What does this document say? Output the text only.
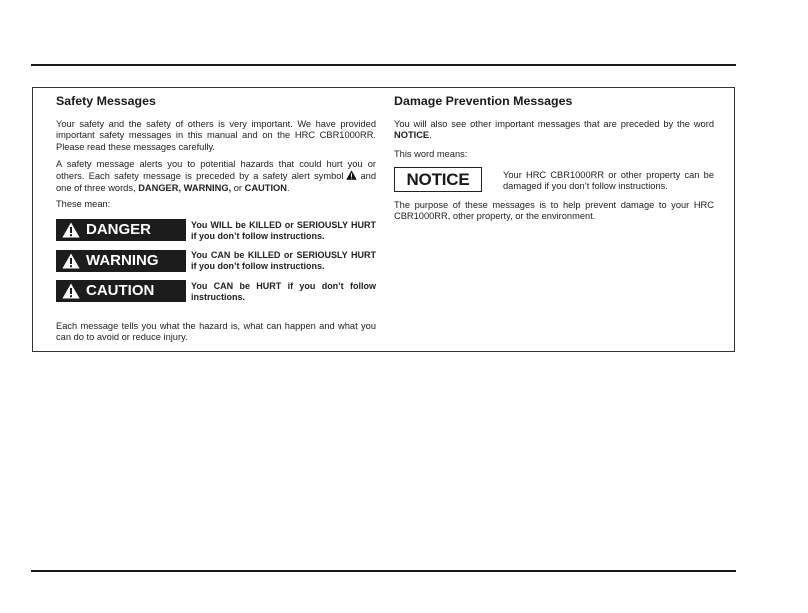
Safety Messages

Your safety and the safety of others is very important. We have provided important safety messages in this manual and on the HRC CBR1000RR. Please read these messages carefully.

A safety message alerts you to potential hazards that could hurt you or others. Each safety message is preceded by a safety alert symbol and one of three words, DANGER, WARNING, or CAUTION.

These mean:

DANGER	You WILL be KILLED or SERIOUSLY HURT if you don’t follow instructions.
WARNING	You CAN be KILLED or SERIOUSLY HURT if you don’t follow instructions.
CAUTION	You CAN be HURT if you don’t follow instructions.

Each message tells you what the hazard is, what can happen and what you can do to avoid or reduce injury.

Damage Prevention Messages

You will also see other important messages that are preceded by the word NOTICE.

This word means:

NOTICE	Your HRC CBR1000RR or other property can be damaged if you don’t follow instructions.

The purpose of these messages is to help prevent damage to your HRC CBR1000RR, other property, or the environment.
